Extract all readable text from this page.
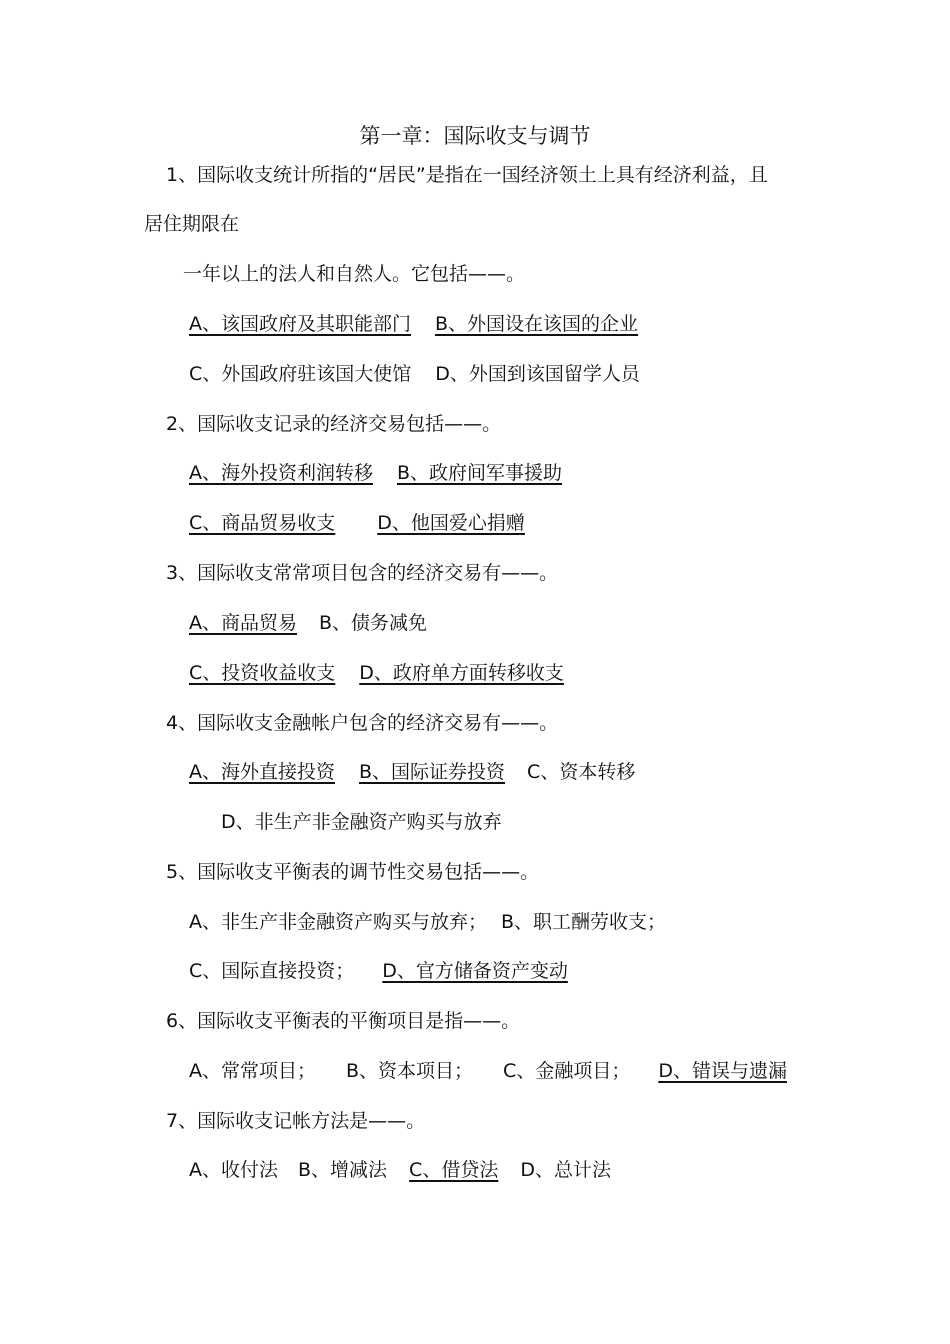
第一章：国际收支与调节
1、国际收支统计所指的“居民”是指在一国经济领土上具有经济利益，且
居住期限在
一年以上的法人和自然人。它包括——。
A、该国政府及其职能部门 B、外国设在该国的企业
C、外国政府驻该国大使馆 D、外国到该国留学人员
2、国际收支记录的经济交易包括——。
A、海外投资利润转移 B、政府间军事援助
C、商品贸易收支 D、他国爱心捐赠
3、国际收支常常项目包含的经济交易有——。
A、商品贸易 B、债务减免
C、投资收益收支 D、政府单方面转移收支
4、国际收支金融帐户包含的经济交易有——。
A、海外直接投资 B、国际证券投资 C、资本转移
D、非生产非金融资产购买与放弃
5、国际收支平衡表的调节性交易包括——。
A、非生产非金融资产购买与放弃； B、职工酬劳收支；
C、国际直接投资； D、官方储备资产变动
6、国际收支平衡表的平衡项目是指——。
A、常常项目； B、资本项目； C、金融项目； D、错误与遗漏
7、国际收支记帐方法是——。
A、收付法 B、增减法 C、借贷法 D、总计法
